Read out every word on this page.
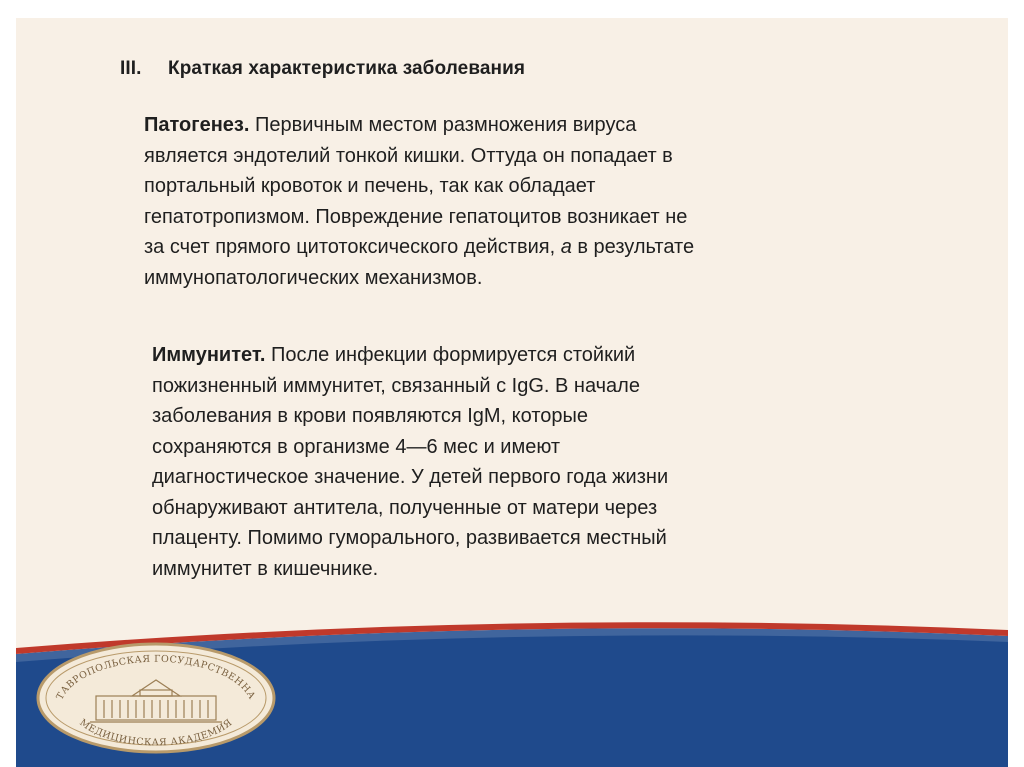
III. Краткая характеристика заболевания

Патогенез. Первичным местом размножения вируса является эндотелий тонкой кишки. Оттуда он попадает в портальный кровоток и печень, так как обладает гепатотропизмом. Повреждение гепатоцитов возникает не за счет прямого цитотоксического действия, а в результате иммунопатологических механизмов.

Иммунитет. После инфекции формируется стойкий пожизненный иммунитет, связанный с IgG. В начале заболевания в крови появляются IgM, которые сохраняются в организме 4—6 мес и имеют диагностическое значение. У детей первого года жизни обнаруживают антитела, полученные от матери через плаценту. Помимо гуморального, развивается местный иммунитет в кишечнике.

ТАВРОПОЛЬСКАЯ ГОСУДАРСТВЕННА
МЕДИЦИНСКАЯ АКАДЕМИЯ
